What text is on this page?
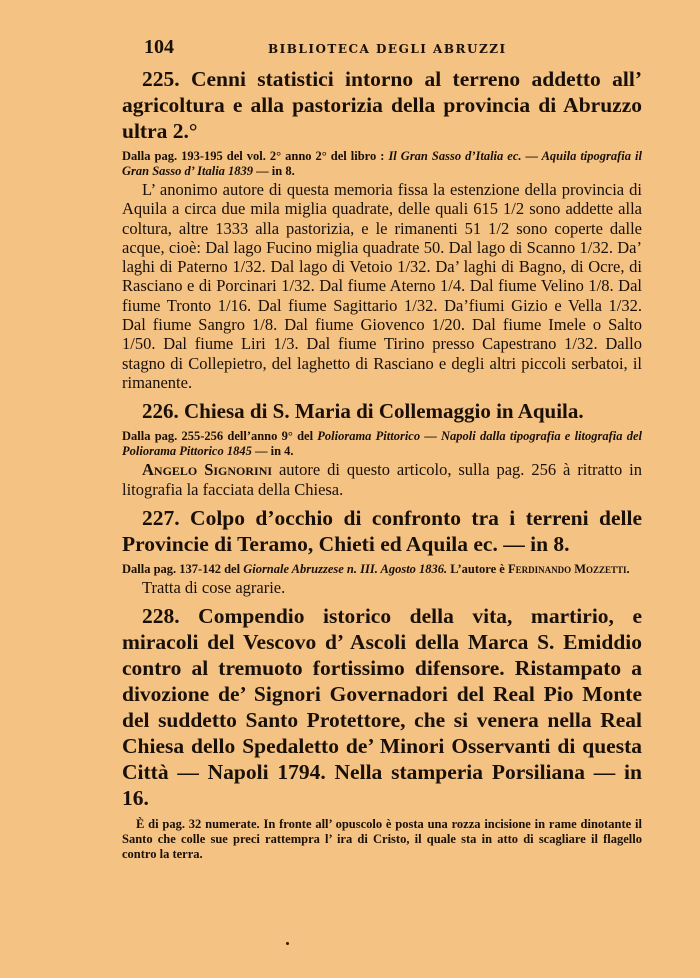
104	BIBLIOTECA DEGLI ABRUZZI

225. Cenni statistici intorno al terreno addetto all’ agricoltura e alla pastorizia della provincia di Abruzzo ultra 2.°

Dalla pag. 193-195 del vol. 2° anno 2° del libro : Il Gran Sasso d’Italia ec. — Aquila tipografia il Gran Sasso d’ Italia 1839 — in 8.

L’ anonimo autore di questa memoria fissa la estenzione della provincia di Aquila a circa due mila miglia quadrate, delle quali 615 1/2 sono addette alla coltura, altre 1333 alla pastorizia, e le rimanenti 51 1/2 sono coperte dalle acque, cioè: Dal lago Fucino miglia quadrate 50. Dal lago di Scanno 1/32. Da’ laghi di Paterno 1/32. Dal lago di Vetoio 1/32. Da’ laghi di Bagno, di Ocre, di Rasciano e di Porcinari 1/32. Dal fiume Aterno 1/4. Dal fiume Velino 1/8. Dal fiume Tronto 1/16. Dal fiume Sagittario 1/32. Da’fiumi Gizio e Vella 1/32. Dal fiume Sangro 1/8. Dal fiume Giovenco 1/20. Dal fiume Imele o Salto 1/50. Dal fiume Liri 1/3. Dal fiume Tirino presso Capestrano 1/32. Dallo stagno di Collepietro, del laghetto di Rasciano e degli altri piccoli serbatoi, il rimanente.

226. Chiesa di S. Maria di Collemaggio in Aquila.

Dalla pag. 255-256 dell’anno 9° del Poliorama Pittorico — Napoli dalla tipografia e litografia del Poliorama Pittorico 1845 — in 4.

Angelo Signorini autore di questo articolo, sulla pag. 256 à ritratto in litografia la facciata della Chiesa.

227. Colpo d’occhio di confronto tra i terreni delle Provincie di Teramo, Chieti ed Aquila ec. — in 8.

Dalla pag. 137-142 del Giornale Abruzzese n. III. Agosto 1836. L’autore è Ferdinando Mozzetti.

Tratta di cose agrarie.

228. Compendio istorico della vita, martirio, e miracoli del Vescovo d’ Ascoli della Marca S. Emiddio contro al tremuoto fortissimo difensore. Ristampato a divozione de’ Signori Governadori del Real Pio Monte del suddetto Santo Protettore, che si venera nella Real Chiesa dello Spedaletto de’ Minori Osservanti di questa Città — Napoli 1794. Nella stamperia Porsiliana — in 16.

È di pag. 32 numerate. In fronte all’ opuscolo è posta una rozza incisione in rame dinotante il Santo che colle sue preci rattempra l’ ira di Cristo, il quale sta in atto di scagliare il flagello contro la terra.
